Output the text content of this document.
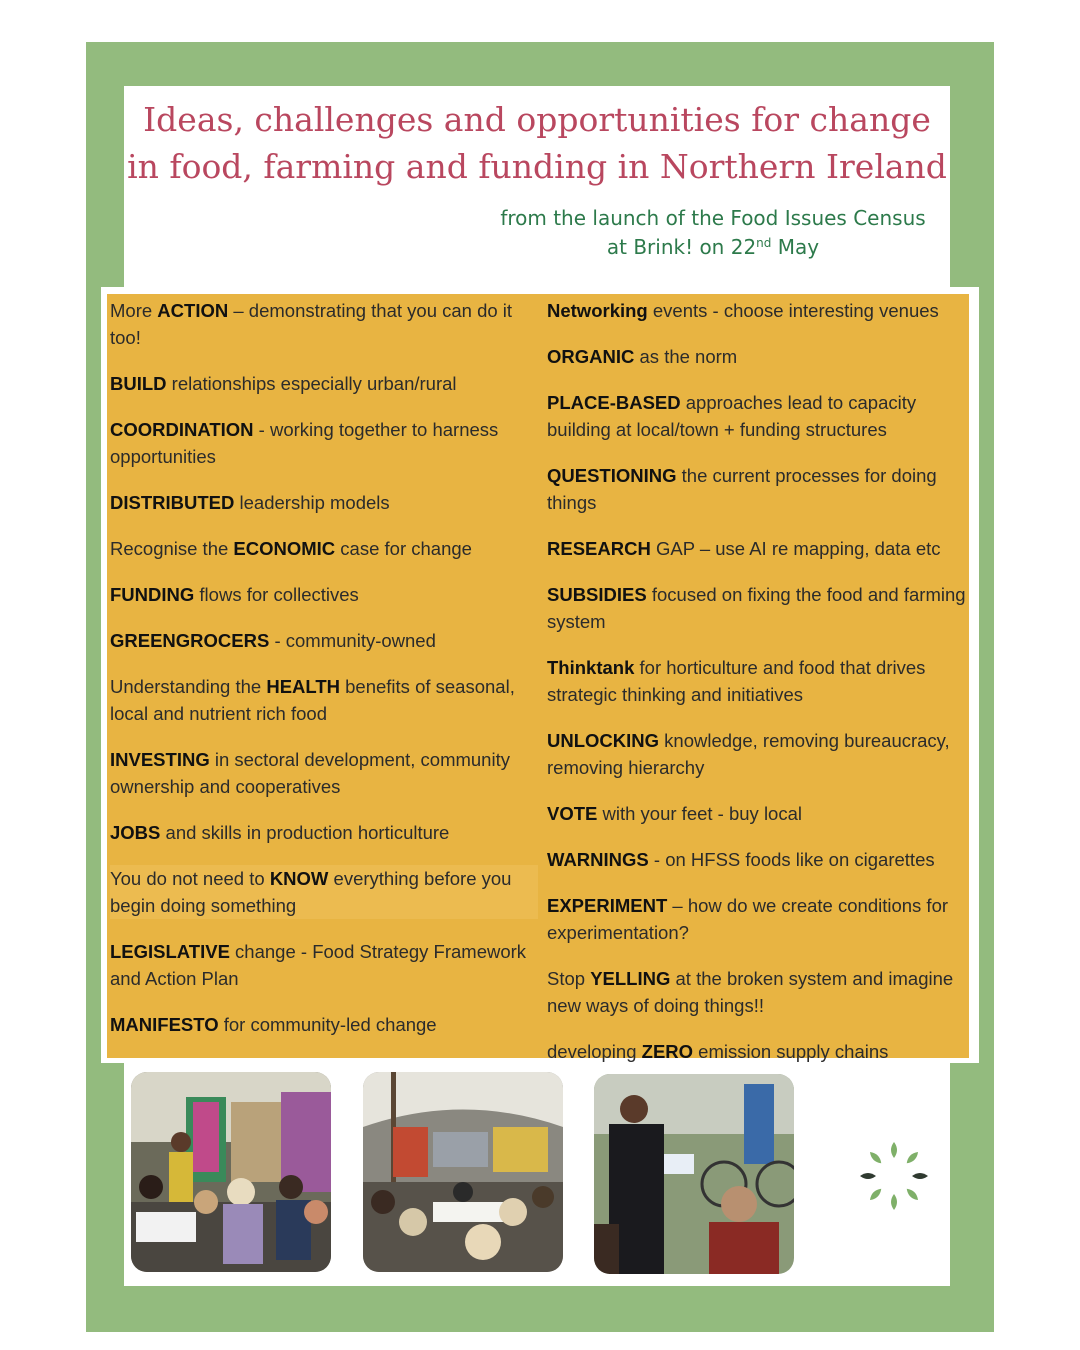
Ideas, challenges and opportunities for change
in food, farming and funding in Northern Ireland
from the launch of the Food Issues Census
at Brink! on 22nd May

More ACTION – demonstrating that you can do it too!

BUILD relationships especially urban/rural

COORDINATION - working together to harness opportunities

DISTRIBUTED leadership models

Recognise the ECONOMIC case for change

FUNDING flows for collectives

GREENGROCERS - community-owned

Understanding the HEALTH benefits of seasonal, local and nutrient rich food

INVESTING in sectoral development, community ownership and cooperatives

JOBS and skills in production horticulture

You do not need to KNOW everything before you begin doing something

LEGISLATIVE change - Food Strategy Framework and Action Plan

MANIFESTO for community-led change

Networking events - choose interesting venues

ORGANIC as the norm

PLACE-BASED approaches lead to capacity building at local/town + funding structures

QUESTIONING the current processes for doing things

RESEARCH GAP – use AI re mapping, data etc

SUBSIDIES focused on fixing the food and farming system

Thinktank for horticulture and food that drives strategic thinking and initiatives

UNLOCKING knowledge, removing bureaucracy, removing hierarchy

VOTE with your feet - buy local

WARNINGS - on HFSS foods like on cigarettes

EXPERIMENT – how do we create conditions for experimentation?

Stop YELLING at the broken system and imagine new ways of doing things!!

developing ZERO emission supply chains
